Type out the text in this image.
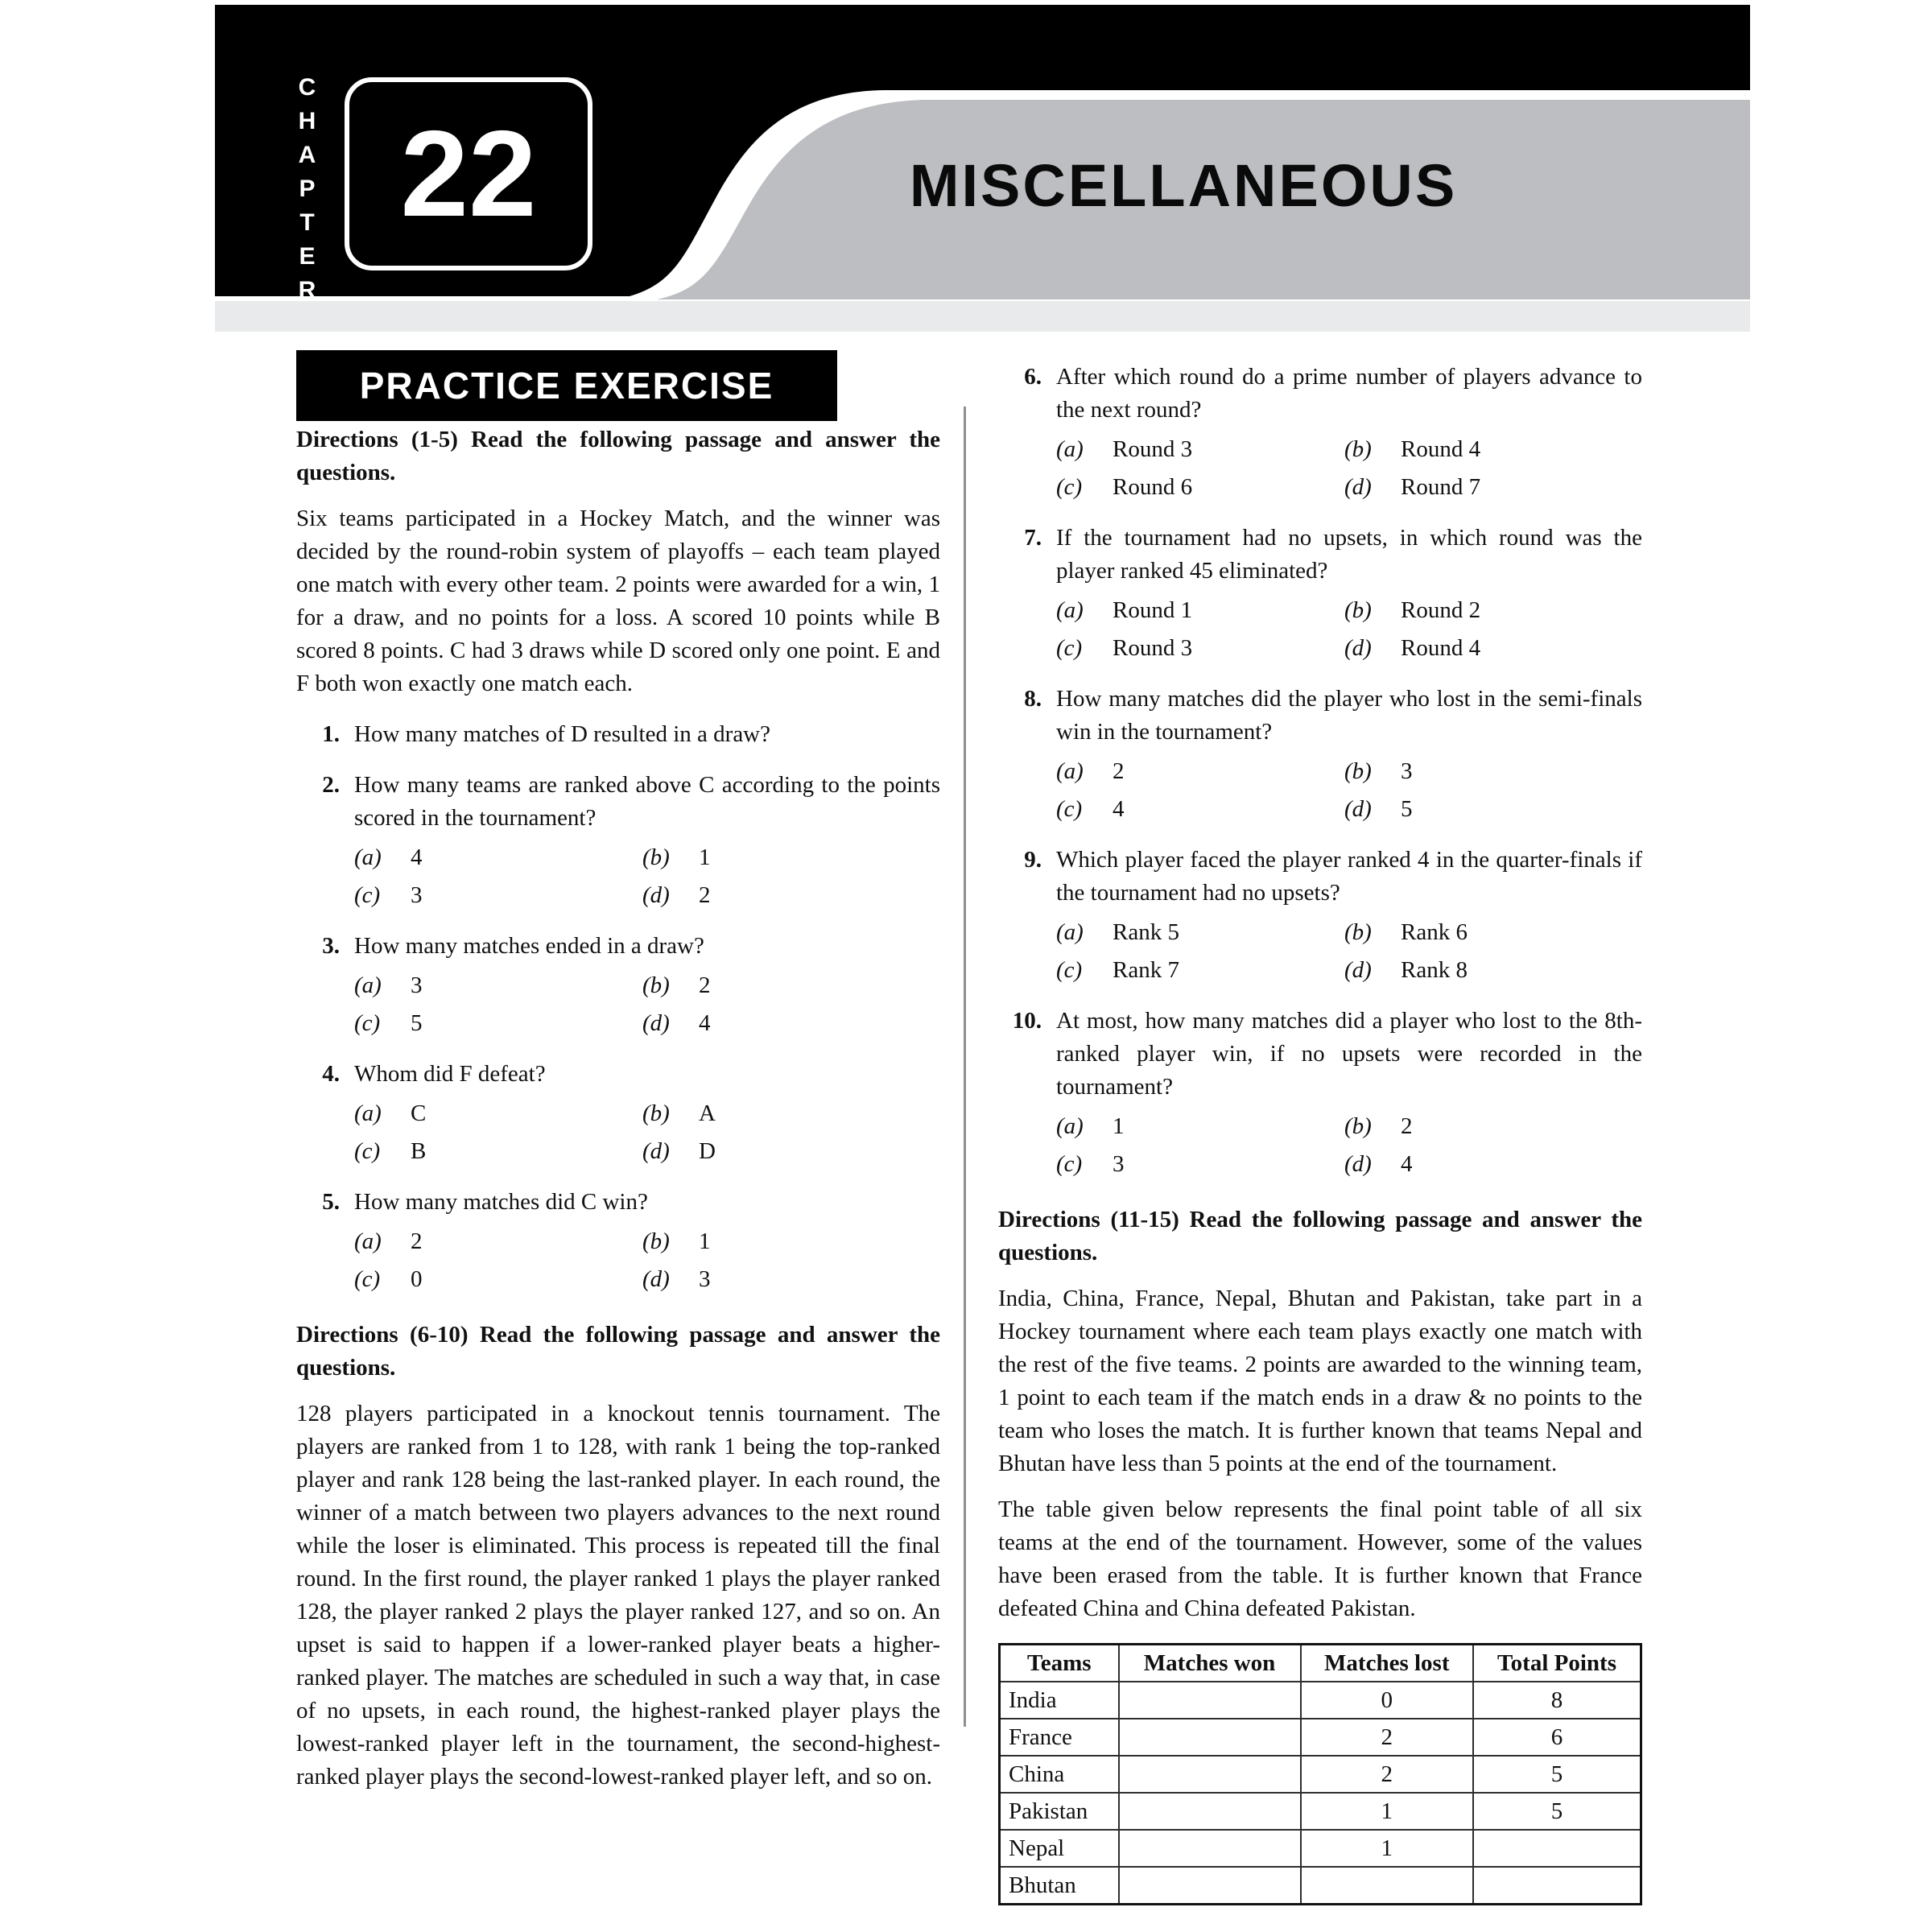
CHAPTER 22	MISCELLANEOUS
PRACTICE EXERCISE
Directions (1-5) Read the following passage and answer the questions.
Six teams participated in a Hockey Match, and the winner was decided by the round-robin system of playoffs – each team played one match with every other team. 2 points were awarded for a win, 1 for a draw, and no points for a loss. A scored 10 points while B scored 8 points. C had 3 draws while D scored only one point. E and F both won exactly one match each.
1. How many matches of D resulted in a draw?
2. How many teams are ranked above C according to the points scored in the tournament?
(a)	4	(b)	1
(c)	3	(d)	2
3. How many matches ended in a draw?
(a)	3	(b)	2
(c)	5	(d)	4
4. Whom did F defeat?
(a)	C	(b)	A
(c)	B	(d)	D
5. How many matches did C win?
(a)	2	(b)	1
(c)	0	(d)	3
Directions (6-10) Read the following passage and answer the questions.
128 players participated in a knockout tennis tournament. The players are ranked from 1 to 128, with rank 1 being the top-ranked player and rank 128 being the last-ranked player. In each round, the winner of a match between two players advances to the next round while the loser is eliminated. This process is repeated till the final round. In the first round, the player ranked 1 plays the player ranked 128, the player ranked 2 plays the player ranked 127, and so on. An upset is said to happen if a lower-ranked player beats a higher-ranked player. The matches are scheduled in such a way that, in case of no upsets, in each round, the highest-ranked player plays the lowest-ranked player left in the tournament, the second-highest-ranked player plays the second-lowest-ranked player left, and so on.
6. After which round do a prime number of players advance to the next round?
(a)	Round 3	(b)	Round 4
(c)	Round 6	(d)	Round 7
7. If the tournament had no upsets, in which round was the player ranked 45 eliminated?
(a)	Round 1	(b)	Round 2
(c)	Round 3	(d)	Round 4
8. How many matches did the player who lost in the semi-finals win in the tournament?
(a)	2	(b)	3
(c)	4	(d)	5
9. Which player faced the player ranked 4 in the quarter-finals if the tournament had no upsets?
(a)	Rank 5	(b)	Rank 6
(c)	Rank 7	(d)	Rank 8
10. At most, how many matches did a player who lost to the 8th-ranked player win, if no upsets were recorded in the tournament?
(a)	1	(b)	2
(c)	3	(d)	4
Directions (11-15) Read the following passage and answer the questions.
India, China, France, Nepal, Bhutan and Pakistan, take part in a Hockey tournament where each team plays exactly one match with the rest of the five teams. 2 points are awarded to the winning team, 1 point to each team if the match ends in a draw & no points to the team who loses the match. It is further known that teams Nepal and Bhutan have less than 5 points at the end of the tournament.
The table given below represents the final point table of all six teams at the end of the tournament. However, some of the values have been erased from the table. It is further known that France defeated China and China defeated Pakistan.
Teams	Matches won	Matches lost	Total Points
India		0	8
France		2	6
China		2	5
Pakistan		1	5
Nepal		1	
Bhutan			
